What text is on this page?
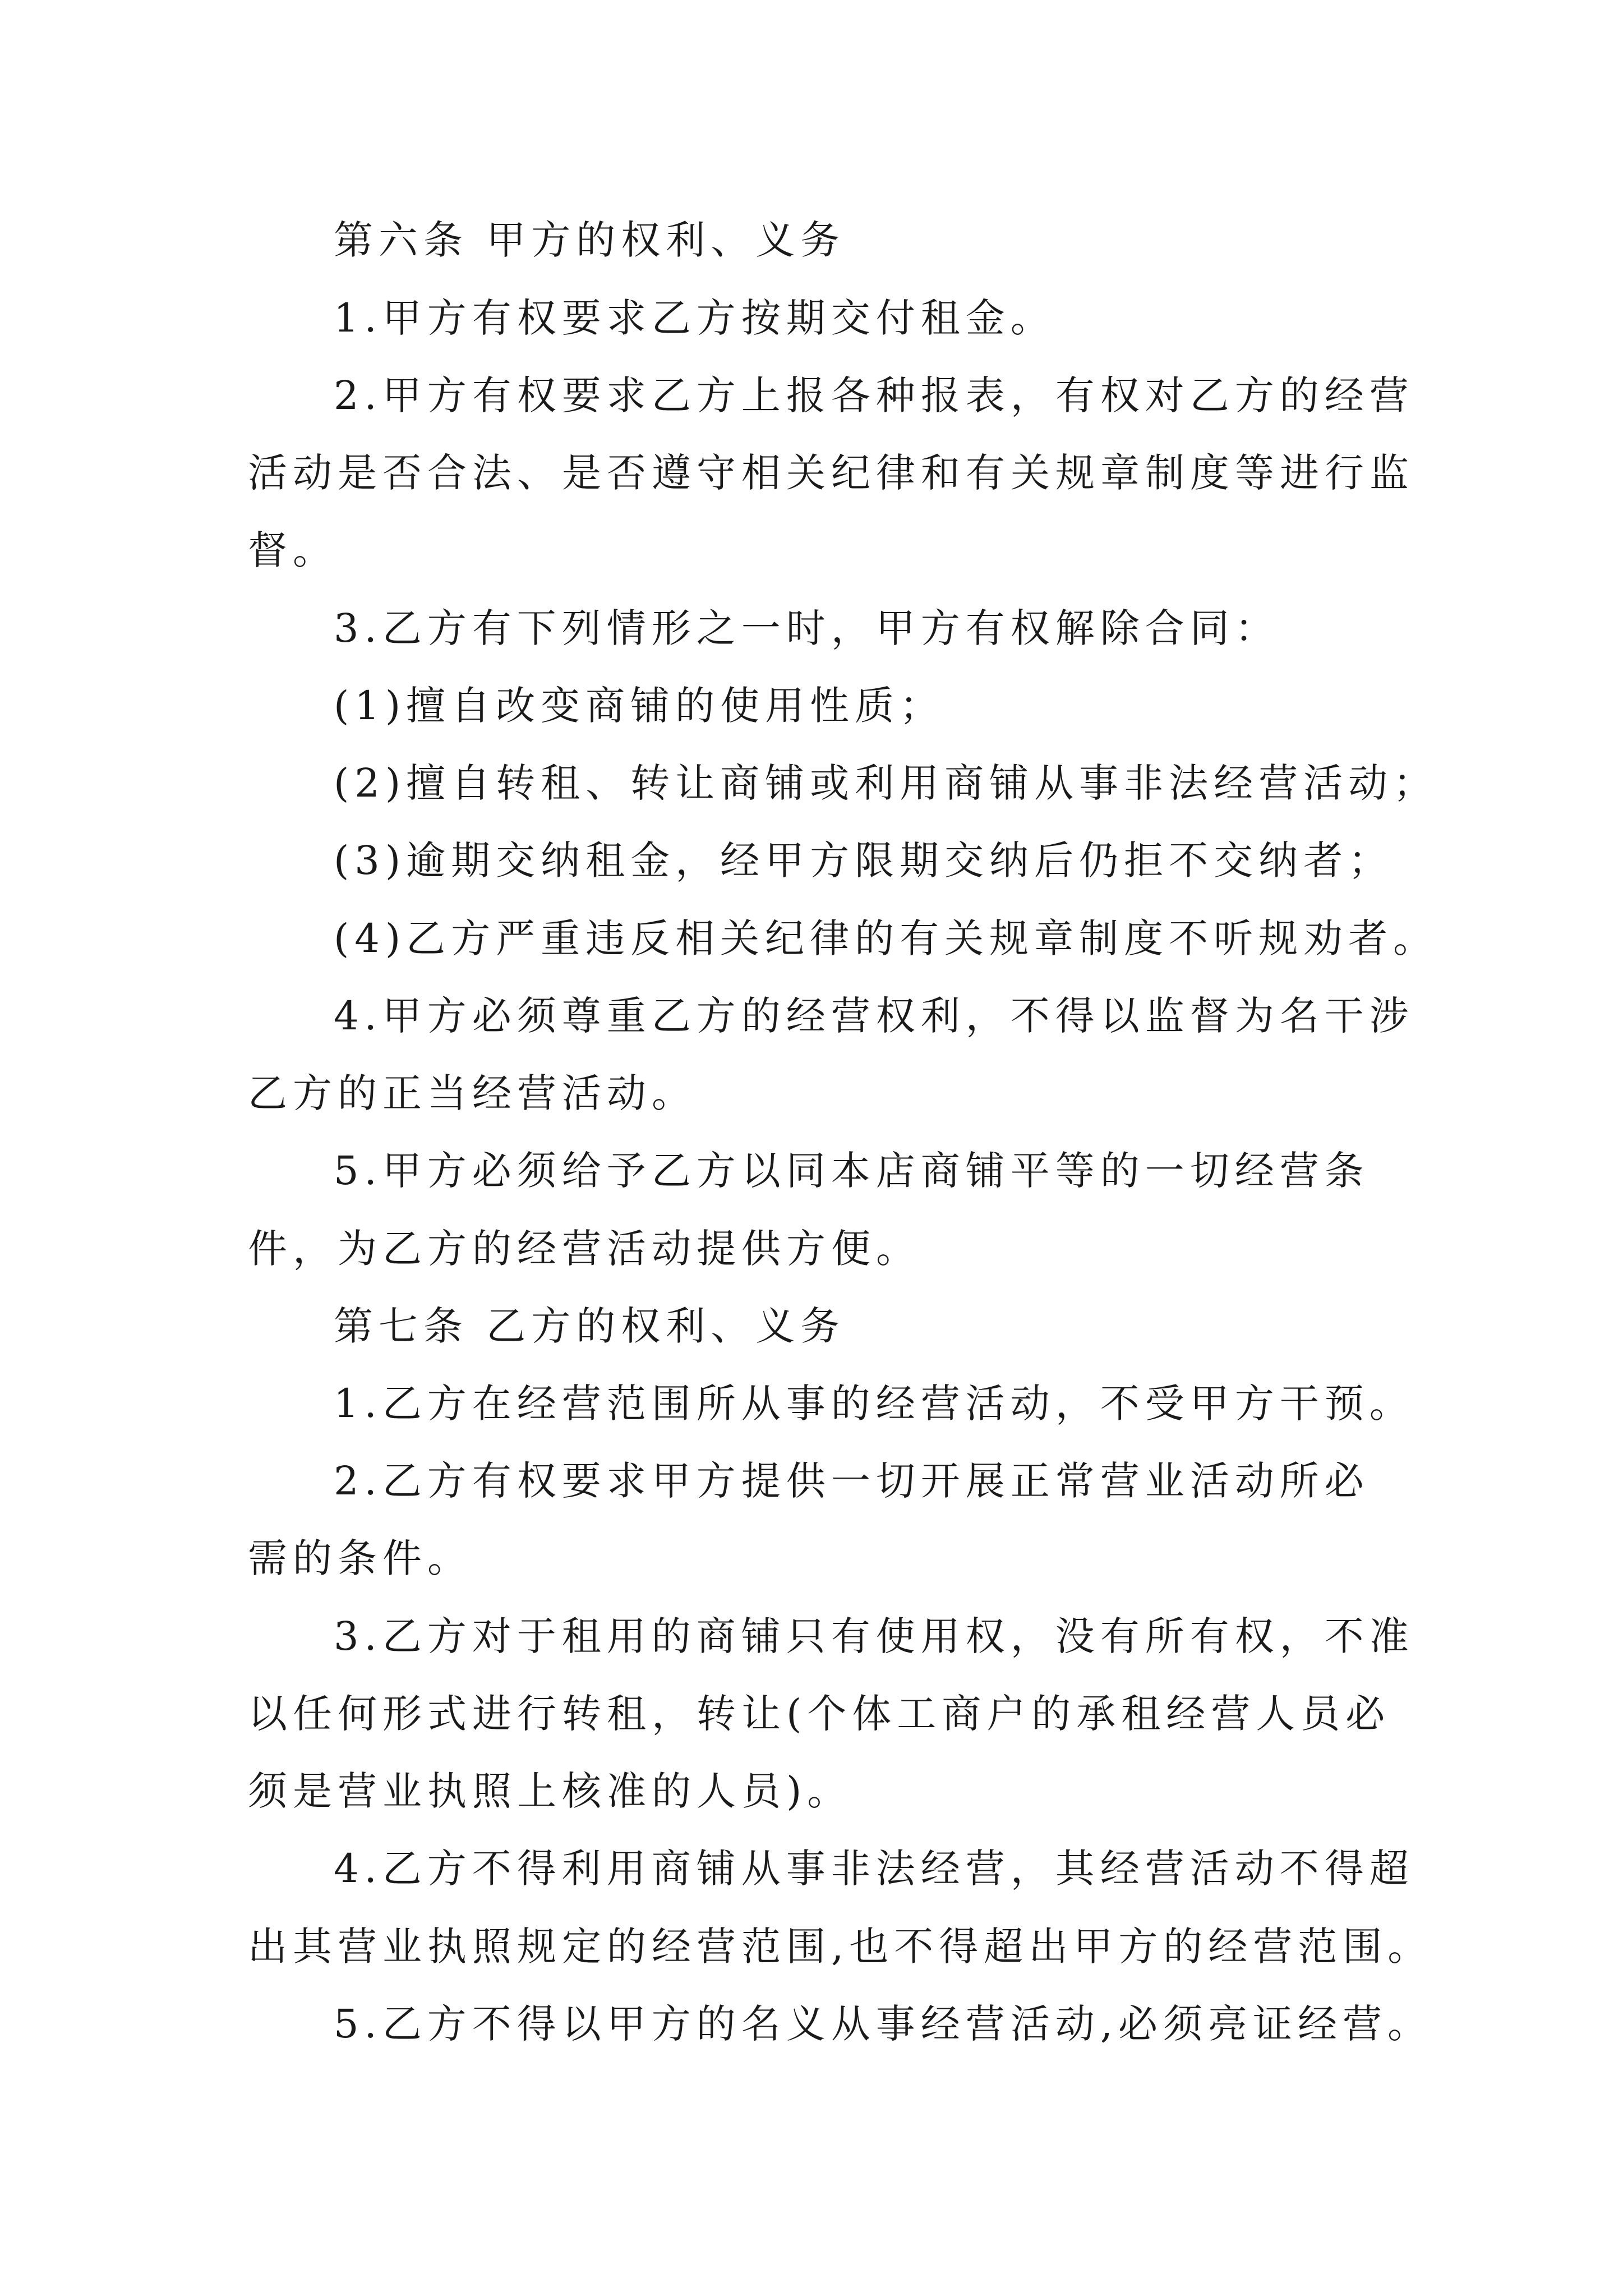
第六条 甲方的权利、义务
1.甲方有权要求乙方按期交付租金。
2.甲方有权要求乙方上报各种报表，有权对乙方的经营
活动是否合法、是否遵守相关纪律和有关规章制度等进行监
督。
3.乙方有下列情形之一时，甲方有权解除合同：
(1)擅自改变商铺的使用性质；
(2)擅自转租、转让商铺或利用商铺从事非法经营活动；
(3)逾期交纳租金，经甲方限期交纳后仍拒不交纳者；
(4)乙方严重违反相关纪律的有关规章制度不听规劝者。
4.甲方必须尊重乙方的经营权利，不得以监督为名干涉
乙方的正当经营活动。
5.甲方必须给予乙方以同本店商铺平等的一切经营条
件，为乙方的经营活动提供方便。
第七条 乙方的权利、义务
1.乙方在经营范围所从事的经营活动，不受甲方干预。
2.乙方有权要求甲方提供一切开展正常营业活动所必
需的条件。
3.乙方对于租用的商铺只有使用权，没有所有权，不准
以任何形式进行转租，转让(个体工商户的承租经营人员必
须是营业执照上核准的人员)。
4.乙方不得利用商铺从事非法经营，其经营活动不得超
出其营业执照规定的经营范围,也不得超出甲方的经营范围。
5.乙方不得以甲方的名义从事经营活动,必须亮证经营。
